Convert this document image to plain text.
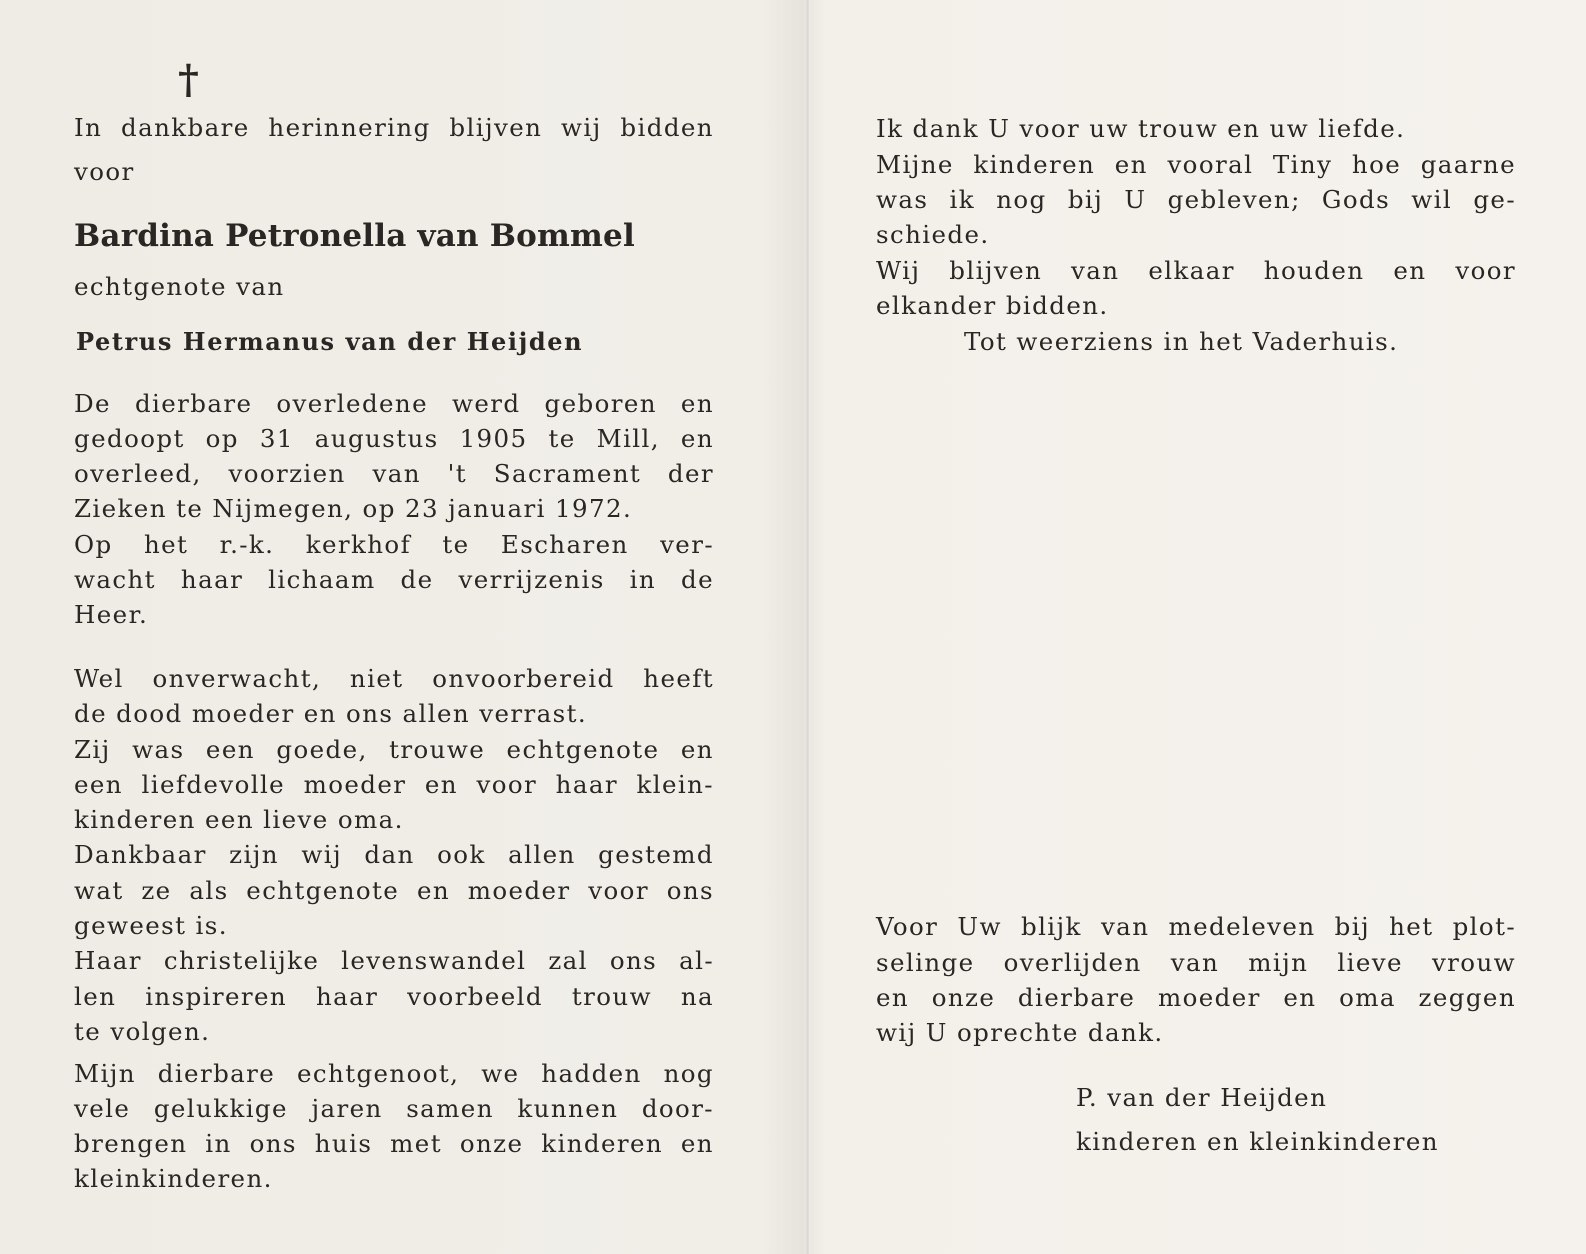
†
In dankbare herinnering blijven wij bidden
voor
Bardina Petronella van Bommel
echtgenote van
Petrus Hermanus van der Heijden
De dierbare overledene werd geboren en
gedoopt op 31 augustus 1905 te Mill, en
overleed, voorzien van 't Sacrament der
Zieken te Nijmegen, op 23 januari 1972.
Op het r.-k. kerkhof te Escharen ver-
wacht haar lichaam de verrijzenis in de
Heer.
Wel onverwacht, niet onvoorbereid heeft
de dood moeder en ons allen verrast.
Zij was een goede, trouwe echtgenote en
een liefdevolle moeder en voor haar klein-
kinderen een lieve oma.
Dankbaar zijn wij dan ook allen gestemd
wat ze als echtgenote en moeder voor ons
geweest is.
Haar christelijke levenswandel zal ons al-
len inspireren haar voorbeeld trouw na
te volgen.
Mijn dierbare echtgenoot, we hadden nog
vele gelukkige jaren samen kunnen door-
brengen in ons huis met onze kinderen en
kleinkinderen.
Ik dank U voor uw trouw en uw liefde.
Mijne kinderen en vooral Tiny hoe gaarne
was ik nog bij U gebleven; Gods wil ge-
schiede.
Wij blijven van elkaar houden en voor
elkander bidden.
Tot weerziens in het Vaderhuis.
Voor Uw blijk van medeleven bij het plot-
selinge overlijden van mijn lieve vrouw
en onze dierbare moeder en oma zeggen
wij U oprechte dank.
P. van der Heijden
kinderen en kleinkinderen
